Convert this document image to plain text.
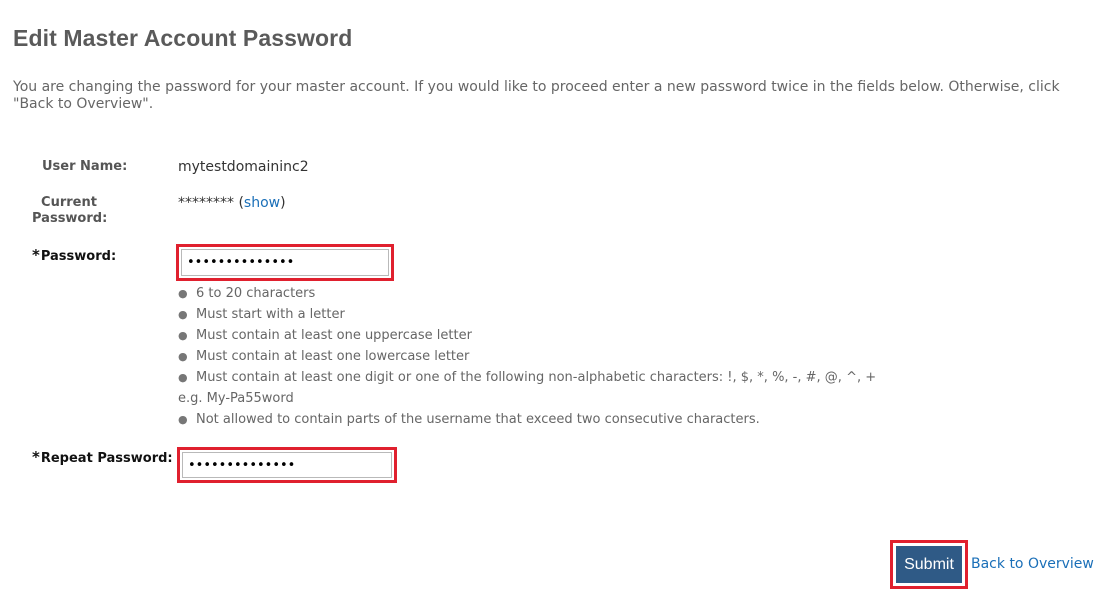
Edit Master Account Password

You are changing the password for your master account. If you would like to proceed enter a new password twice in the fields below. Otherwise, click "Back to Overview".

User Name:	mytestdomaininc2
Current
Password:
******** (show)
*Password:
••••••••••••••
● 6 to 20 characters
● Must start with a letter
● Must contain at least one uppercase letter
● Must contain at least one lowercase letter
● Must contain at least one digit or one of the following non-alphabetic characters: !, $, *, %, -, #, @, ^, +
e.g. My-Pa55word
● Not allowed to contain parts of the username that exceed two consecutive characters.
*Repeat Password:
••••••••••••••
Submit	Back to Overview
